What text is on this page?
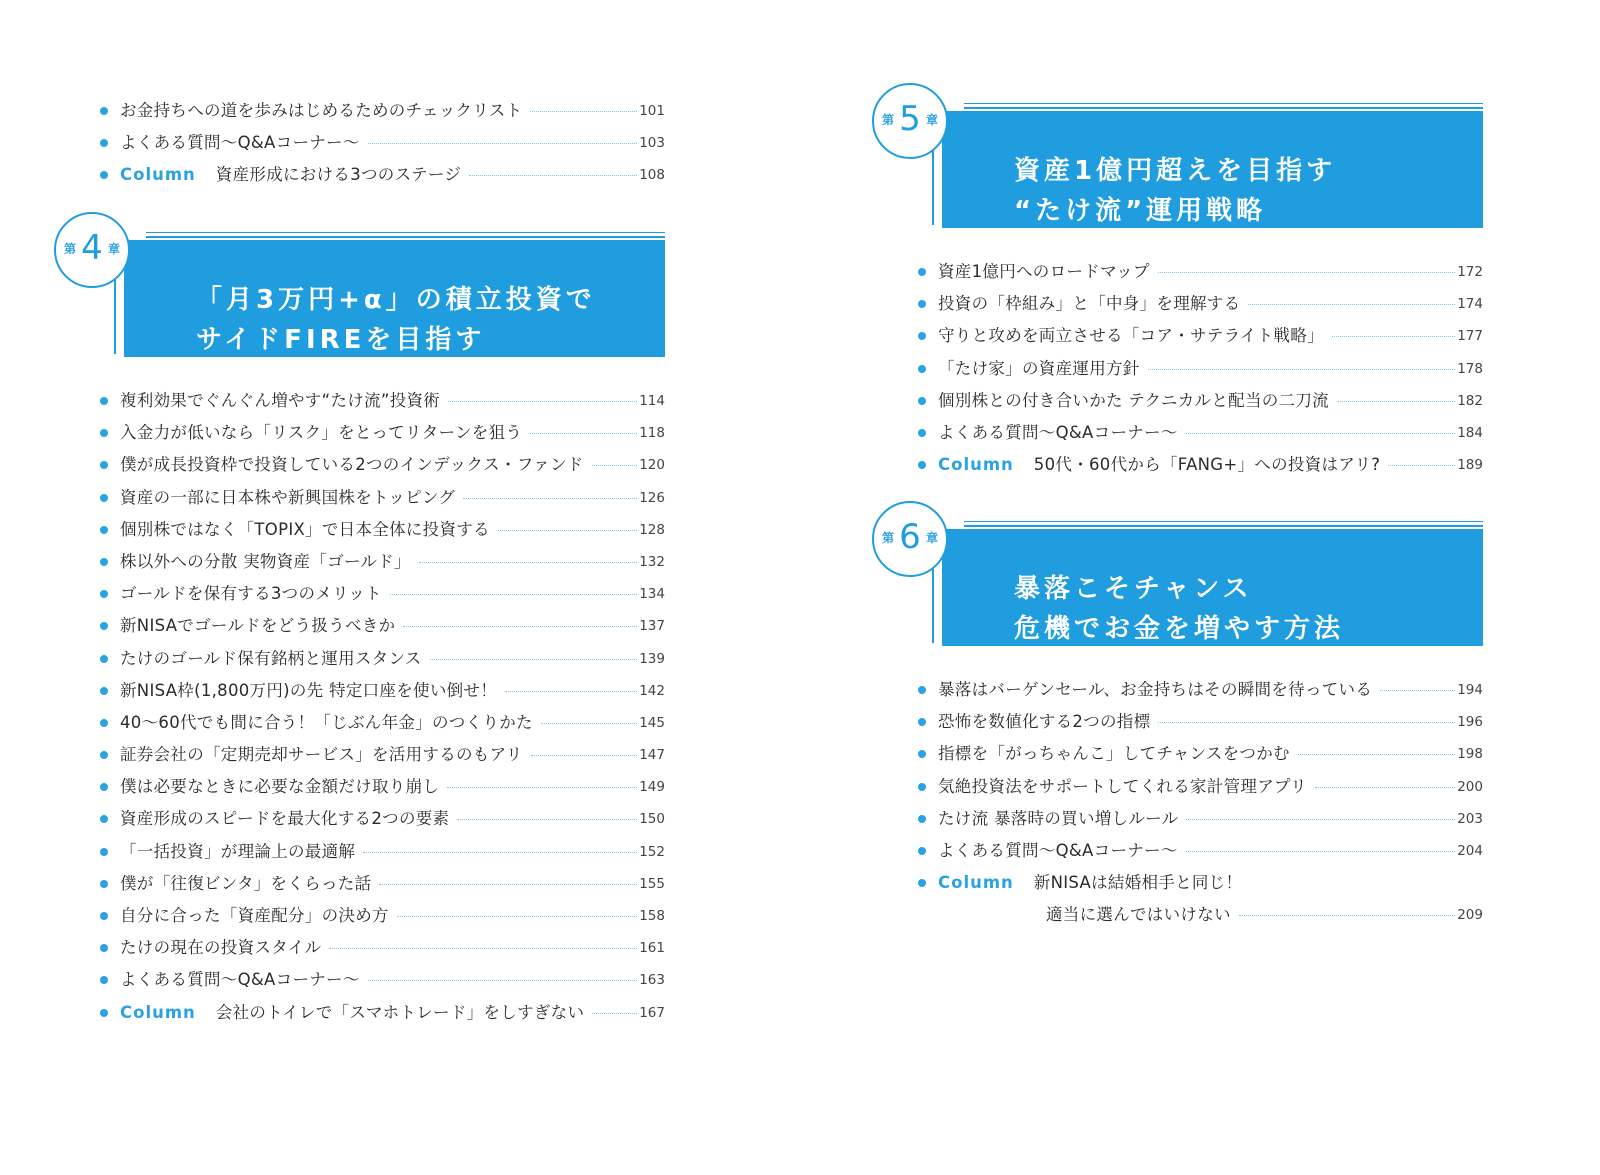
お金持ちへの道を歩みはじめるためのチェックリスト	101
よくある質問〜Q&Aコーナー〜	103
Column 資産形成における3つのステージ	108
「月3万円+α」の積立投資で
サイドFIREを目指す
第 4 章
複利効果でぐんぐん増やす“たけ流”投資術	114
入金力が低いなら「リスク」をとってリターンを狙う	118
僕が成長投資枠で投資している2つのインデックス・ファンド	120
資産の一部に日本株や新興国株をトッピング	126
個別株ではなく「TOPIX」で日本全体に投資する	128
株以外への分散 実物資産「ゴールド」	132
ゴールドを保有する3つのメリット	134
新NISAでゴールドをどう扱うべきか	137
たけのゴールド保有銘柄と運用スタンス	139
新NISA枠(1,800万円)の先 特定口座を使い倒せ！	142
40〜60代でも間に合う！「じぶん年金」のつくりかた	145
証券会社の「定期売却サービス」を活用するのもアリ	147
僕は必要なときに必要な金額だけ取り崩し	149
資産形成のスピードを最大化する2つの要素	150
「一括投資」が理論上の最適解	152
僕が「往復ビンタ」をくらった話	155
自分に合った「資産配分」の決め方	158
たけの現在の投資スタイル	161
よくある質問〜Q&Aコーナー〜	163
Column 会社のトイレで「スマホトレード」をしすぎない	167
資産1億円超えを目指す
“たけ流”運用戦略
第 5 章
資産1億円へのロードマップ	172
投資の「枠組み」と「中身」を理解する	174
守りと攻めを両立させる「コア・サテライト戦略」	177
「たけ家」の資産運用方針	178
個別株との付き合いかた テクニカルと配当の二刀流	182
よくある質問〜Q&Aコーナー〜	184
Column 50代・60代から「FANG+」への投資はアリ?	189
暴落こそチャンス
危機でお金を増やす方法
第 6 章
暴落はバーゲンセール、お金持ちはその瞬間を待っている	194
恐怖を数値化する2つの指標	196
指標を「がっちゃんこ」してチャンスをつかむ	198
気絶投資法をサポートしてくれる家計管理アプリ	200
たけ流 暴落時の買い増しルール	203
よくある質問〜Q&Aコーナー〜	204
Column 新NISAは結婚相手と同じ！
適当に選んではいけない	209
